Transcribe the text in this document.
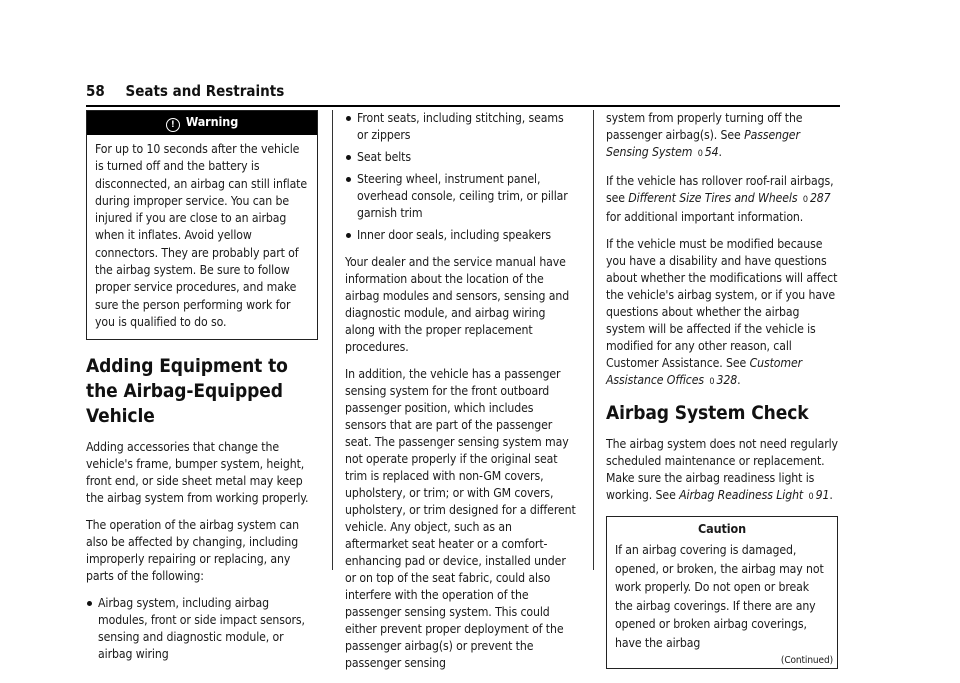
58 Seats and Restraints
! Warning
For up to 10 seconds after the vehicle is turned off and the battery is disconnected, an airbag can still inflate during improper service. You can be injured if you are close to an airbag when it inflates. Avoid yellow connectors. They are probably part of the airbag system. Be sure to follow proper service procedures, and make sure the person performing work for you is qualified to do so.
Adding Equipment to the Airbag-Equipped Vehicle

Adding accessories that change the vehicle's frame, bumper system, height, front end, or side sheet metal may keep the airbag system from working properly.

The operation of the airbag system can also be affected by changing, including improperly repairing or replacing, any parts of the following:

Airbag system, including airbag modules, front or side impact sensors, sensing and diagnostic module, or airbag wiring
Front seats, including stitching, seams or zippers
Seat belts
Steering wheel, instrument panel, overhead console, ceiling trim, or pillar garnish trim
Inner door seals, including speakers

Your dealer and the service manual have information about the location of the airbag modules and sensors, sensing and diagnostic module, and airbag wiring along with the proper replacement procedures.

In addition, the vehicle has a passenger sensing system for the front outboard passenger position, which includes sensors that are part of the passenger seat. The passenger sensing system may not operate properly if the original seat trim is replaced with non-GM covers, upholstery, or trim; or with GM covers, upholstery, or trim designed for a different vehicle. Any object, such as an aftermarket seat heater or a comfort-enhancing pad or device, installed under or on top of the seat fabric, could also interfere with the operation of the passenger sensing system. This could either prevent proper deployment of the passenger airbag(s) or prevent the passenger sensing

system from properly turning off the passenger airbag(s). See Passenger Sensing System 0 54.

If the vehicle has rollover roof-rail airbags, see Different Size Tires and Wheels 0 287 for additional important information.

If the vehicle must be modified because you have a disability and have questions about whether the modifications will affect the vehicle's airbag system, or if you have questions about whether the airbag system will be affected if the vehicle is modified for any other reason, call Customer Assistance. See Customer Assistance Offices 0 328.

Airbag System Check

The airbag system does not need regularly scheduled maintenance or replacement. Make sure the airbag readiness light is working. See Airbag Readiness Light 0 91.

Caution
If an airbag covering is damaged, opened, or broken, the airbag may not work properly. Do not open or break the airbag coverings. If there are any opened or broken airbag coverings, have the airbag
(Continued)
